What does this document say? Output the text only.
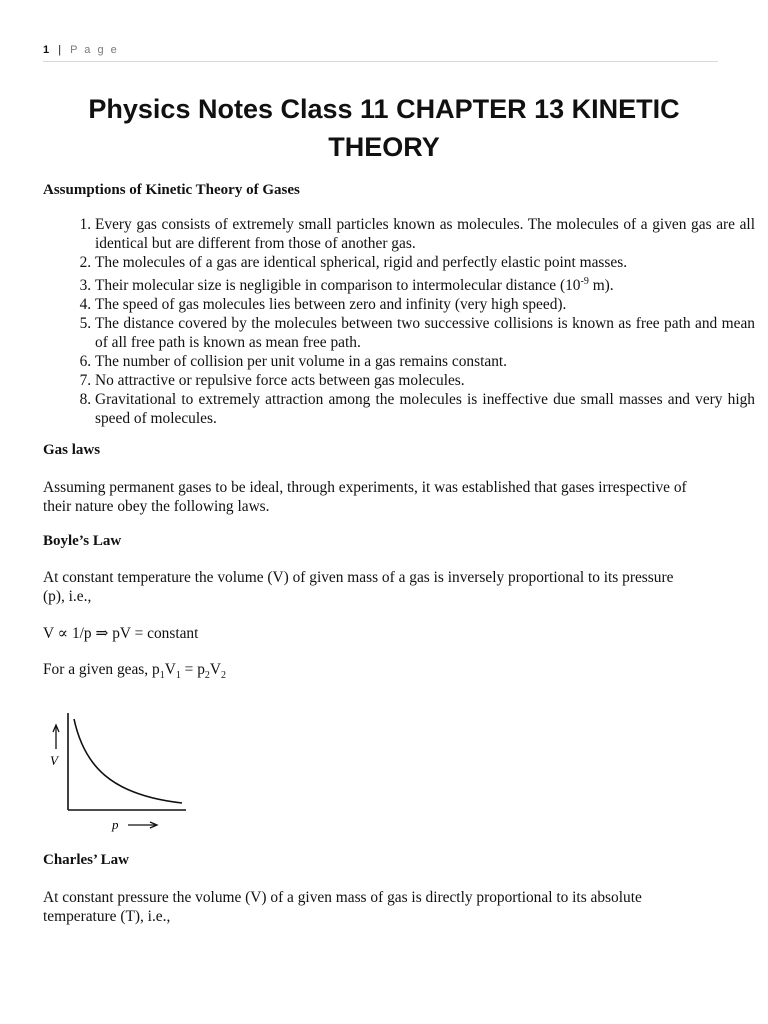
1 | P a g e
Physics Notes Class 11 CHAPTER 13 KINETIC THEORY
Assumptions of Kinetic Theory of Gases
1. Every gas consists of extremely small particles known as molecules. The molecules of a given gas are all identical but are different from those of another gas.
2. The molecules of a gas are identical spherical, rigid and perfectly elastic point masses.
3. Their molecular size is negligible in comparison to intermolecular distance ($10^{-9}$ m).
4. The speed of gas molecules lies between zero and infinity (very high speed).
5. The distance covered by the molecules between two successive collisions is known as free path and mean of all free path is known as mean free path.
6. The number of collision per unit volume in a gas remains constant.
7. No attractive or repulsive force acts between gas molecules.
8. Gravitational to extremely attraction among the molecules is ineffective due small masses and very high speed of molecules.
Gas laws

Assuming permanent gases to be ideal, through experiments, it was established that gases irrespective of their nature obey the following laws.

Boyle’s Law

At constant temperature the volume (V) of given mass of a gas is inversely proportional to its pressure (p), i.e.,

V ∝ 1/p ⇒ pV = constant

For a given geas, $p_1V_1 = p_2V_2$

V
p
Charles’ Law

At constant pressure the volume (V) of a given mass of gas is directly proportional to its absolute temperature (T), i.e.,
